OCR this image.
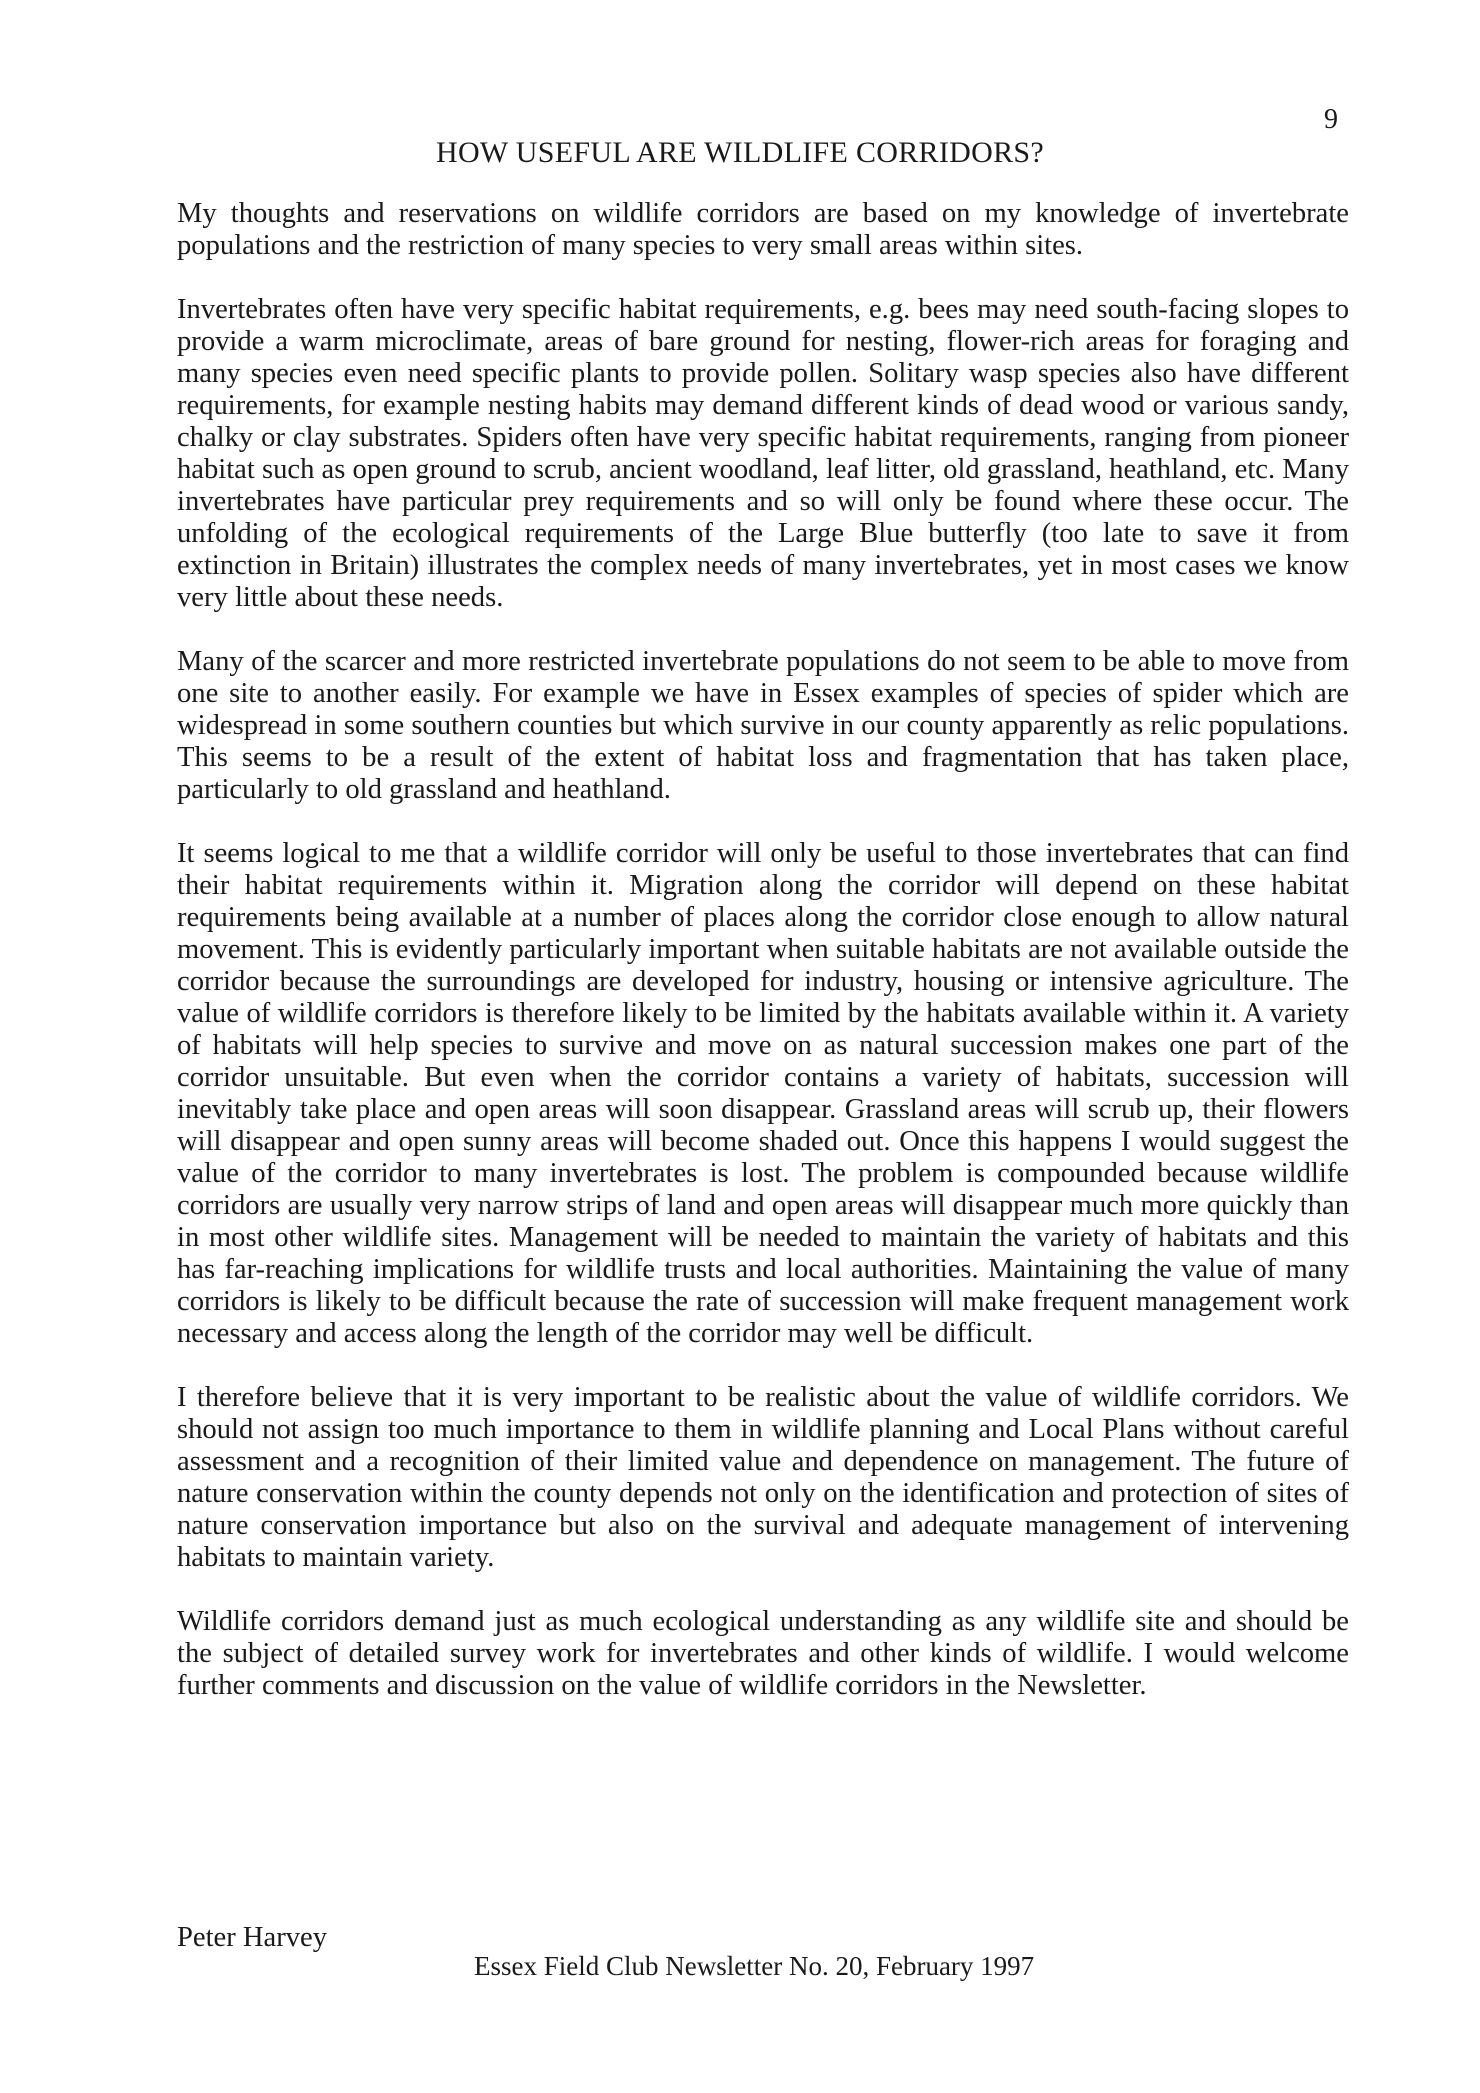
9
HOW USEFUL ARE WILDLIFE CORRIDORS?

My thoughts and reservations on wildlife corridors are based on my knowledge of invertebrate populations and the restriction of many species to very small areas within sites.

Invertebrates often have very specific habitat requirements, e.g. bees may need south-facing slopes to provide a warm microclimate, areas of bare ground for nesting, flower-rich areas for foraging and many species even need specific plants to provide pollen. Solitary wasp species also have different requirements, for example nesting habits may demand different kinds of dead wood or various sandy, chalky or clay substrates. Spiders often have very specific habitat requirements, ranging from pioneer habitat such as open ground to scrub, ancient woodland, leaf litter, old grassland, heathland, etc. Many invertebrates have particular prey requirements and so will only be found where these occur. The unfolding of the ecological requirements of the Large Blue butterfly (too late to save it from extinction in Britain) illustrates the complex needs of many invertebrates, yet in most cases we know very little about these needs.

Many of the scarcer and more restricted invertebrate populations do not seem to be able to move from one site to another easily. For example we have in Essex examples of species of spider which are widespread in some southern counties but which survive in our county apparently as relic populations. This seems to be a result of the extent of habitat loss and fragmentation that has taken place, particularly to old grassland and heathland.

It seems logical to me that a wildlife corridor will only be useful to those invertebrates that can find their habitat requirements within it. Migration along the corridor will depend on these habitat requirements being available at a number of places along the corridor close enough to allow natural movement. This is evidently particularly important when suitable habitats are not available outside the corridor because the surroundings are developed for industry, housing or intensive agriculture. The value of wildlife corridors is therefore likely to be limited by the habitats available within it. A variety of habitats will help species to survive and move on as natural succession makes one part of the corridor unsuitable. But even when the corridor contains a variety of habitats, succession will inevitably take place and open areas will soon disappear. Grassland areas will scrub up, their flowers will disappear and open sunny areas will become shaded out. Once this happens I would suggest the value of the corridor to many invertebrates is lost. The problem is compounded because wildlife corridors are usually very narrow strips of land and open areas will disappear much more quickly than in most other wildlife sites. Management will be needed to maintain the variety of habitats and this has far-reaching implications for wildlife trusts and local authorities. Maintaining the value of many corridors is likely to be difficult because the rate of succession will make frequent management work necessary and access along the length of the corridor may well be difficult.

I therefore believe that it is very important to be realistic about the value of wildlife corridors. We should not assign too much importance to them in wildlife planning and Local Plans without careful assessment and a recognition of their limited value and dependence on management. The future of nature conservation within the county depends not only on the identification and protection of sites of nature conservation importance but also on the survival and adequate management of intervening habitats to maintain variety.

Wildlife corridors demand just as much ecological understanding as any wildlife site and should be the subject of detailed survey work for invertebrates and other kinds of wildlife. I would welcome further comments and discussion on the value of wildlife corridors in the Newsletter.

Peter Harvey
Essex Field Club Newsletter No. 20, February 1997
